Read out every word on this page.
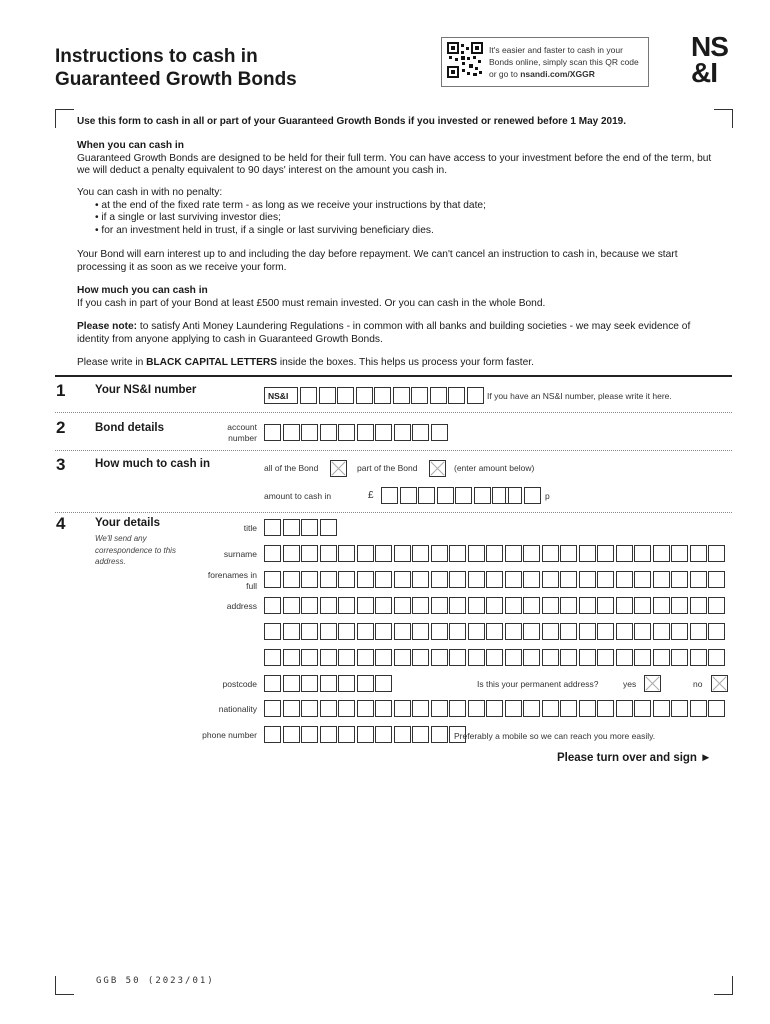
Instructions to cash in
Guaranteed Growth Bonds
It's easier and faster to cash in your Bonds online, simply scan this QR code or go to nsandi.com/XGGR
NS
&I
Use this form to cash in all or part of your Guaranteed Growth Bonds if you invested or renewed before 1 May 2019.
When you can cash in
Guaranteed Growth Bonds are designed to be held for their full term. You can have access to your investment before the end of the term, but we will deduct a penalty equivalent to 90 days' interest on the amount you cash in.
You can cash in with no penalty:
• at the end of the fixed rate term - as long as we receive your instructions by that date;
• if a single or last surviving investor dies;
• for an investment held in trust, if a single or last surviving beneficiary dies.
Your Bond will earn interest up to and including the day before repayment. We can't cancel an instruction to cash in, because we start processing it as soon as we receive your form.
How much you can cash in
If you cash in part of your Bond at least £500 must remain invested. Or you can cash in the whole Bond.
Please note: to satisfy Anti Money Laundering Regulations - in common with all banks and building societies - we may seek evidence of identity from anyone applying to cash in Guaranteed Growth Bonds.
Please write in BLACK CAPITAL LETTERS inside the boxes. This helps us process your form faster.
1	Your NS&I number	NS&I	If you have an NS&I number, please write it here.
2	Bond details	account number
3	How much to cash in	all of the Bond	part of the Bond	(enter amount below)
amount to cash in	£	p
4	Your details
We'll send any correspondence to this address.
title
surname
forenames in full
address
postcode	Is this your permanent address?	yes	no
nationality
phone number	Preferably a mobile so we can reach you more easily.
Please turn over and sign ►
GGB 50 (2023/01)
